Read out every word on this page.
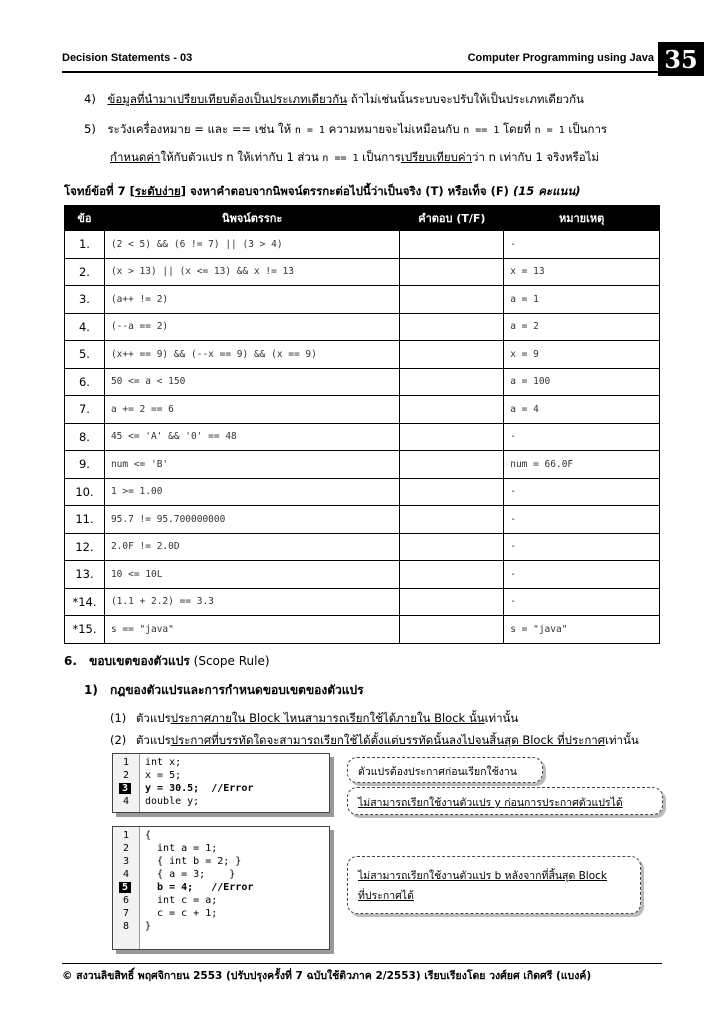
Decision Statements - 03	Computer Programming using Java 35
4) ข้อมูลที่นำมาเปรียบเทียบต้องเป็นประเภทเดียวกัน ถ้าไม่เช่นนั้นระบบจะปรับให้เป็นประเภทเดียวกัน
5) ระวังเครื่องหมาย = และ == เช่น ให้ n = 1 ความหมายจะไม่เหมือนกับ n == 1 โดยที่ n = 1 เป็นการ
กำหนดค่าให้กับตัวแปร n ให้เท่ากับ 1 ส่วน n == 1 เป็นการเปรียบเทียบค่าว่า n เท่ากับ 1 จริงหรือไม่
โจทย์ข้อที่ 7 [ระดับง่าย] จงหาคำตอบจากนิพจน์ตรรกะต่อไปนี้ว่าเป็นจริง (T) หรือเท็จ (F) (15 คะแนน)
ข้อ	นิพจน์ตรรกะ	คำตอบ (T/F)	หมายเหตุ
1.	(2 < 5) && (6 != 7) || (3 > 4)		-
2.	(x > 13) || (x <= 13) && x != 13		x = 13
3.	(a++ != 2)		a = 1
4.	(--a == 2)		a = 2
5.	(x++ == 9) && (--x == 9) && (x == 9)		x = 9
6.	50 <= a < 150		a = 100
7.	a += 2 == 6		a = 4
8.	45 <= 'A' && '0' == 48		-
9.	num <= 'B'		num = 66.0F
10.	1 >= 1.00		-
11.	95.7 != 95.700000000		-
12.	2.0F != 2.0D		-
13.	10 <= 10L		-
*14.	(1.1 + 2.2) == 3.3		-
*15.	s == "java"		s = "java"
6. ขอบเขตของตัวแปร (Scope Rule)
1) กฎของตัวแปรและการกำหนดขอบเขตของตัวแปร
(1) ตัวแปรประกาศภายใน Block ไหนสามารถเรียกใช้ได้ภายใน Block นั้นเท่านั้น
(2) ตัวแปรประกาศที่บรรทัดใดจะสามารถเรียกใช้ได้ตั้งแต่บรรทัดนั้นลงไปจนสิ้นสุด Block ที่ประกาศเท่านั้น
1	int x;
2	x = 5;
3 y = 30.5;  //Error
4	double y;
ตัวแปรต้องประกาศก่อนเรียกใช้งาน
ไม่สามารถเรียกใช้งานตัวแปร y ก่อนการประกาศตัวแปรได้
1	{
2	int a = 1;
3	{ int b = 2; }
4	{ a = 3;    }
5 b = 4;   //Error
6	int c = a;
7	c = c + 1;
8	}
ไม่สามารถเรียกใช้งานตัวแปร b หลังจากที่สิ้นสุด Block
ที่ประกาศได้
© สงวนลิขสิทธิ์ พฤศจิกายน 2553 (ปรับปรุงครั้งที่ 7 ฉบับใช้ติวภาค 2/2553) เรียบเรียงโดย วงศ์ยศ เกิดศรี (แบงค์)
